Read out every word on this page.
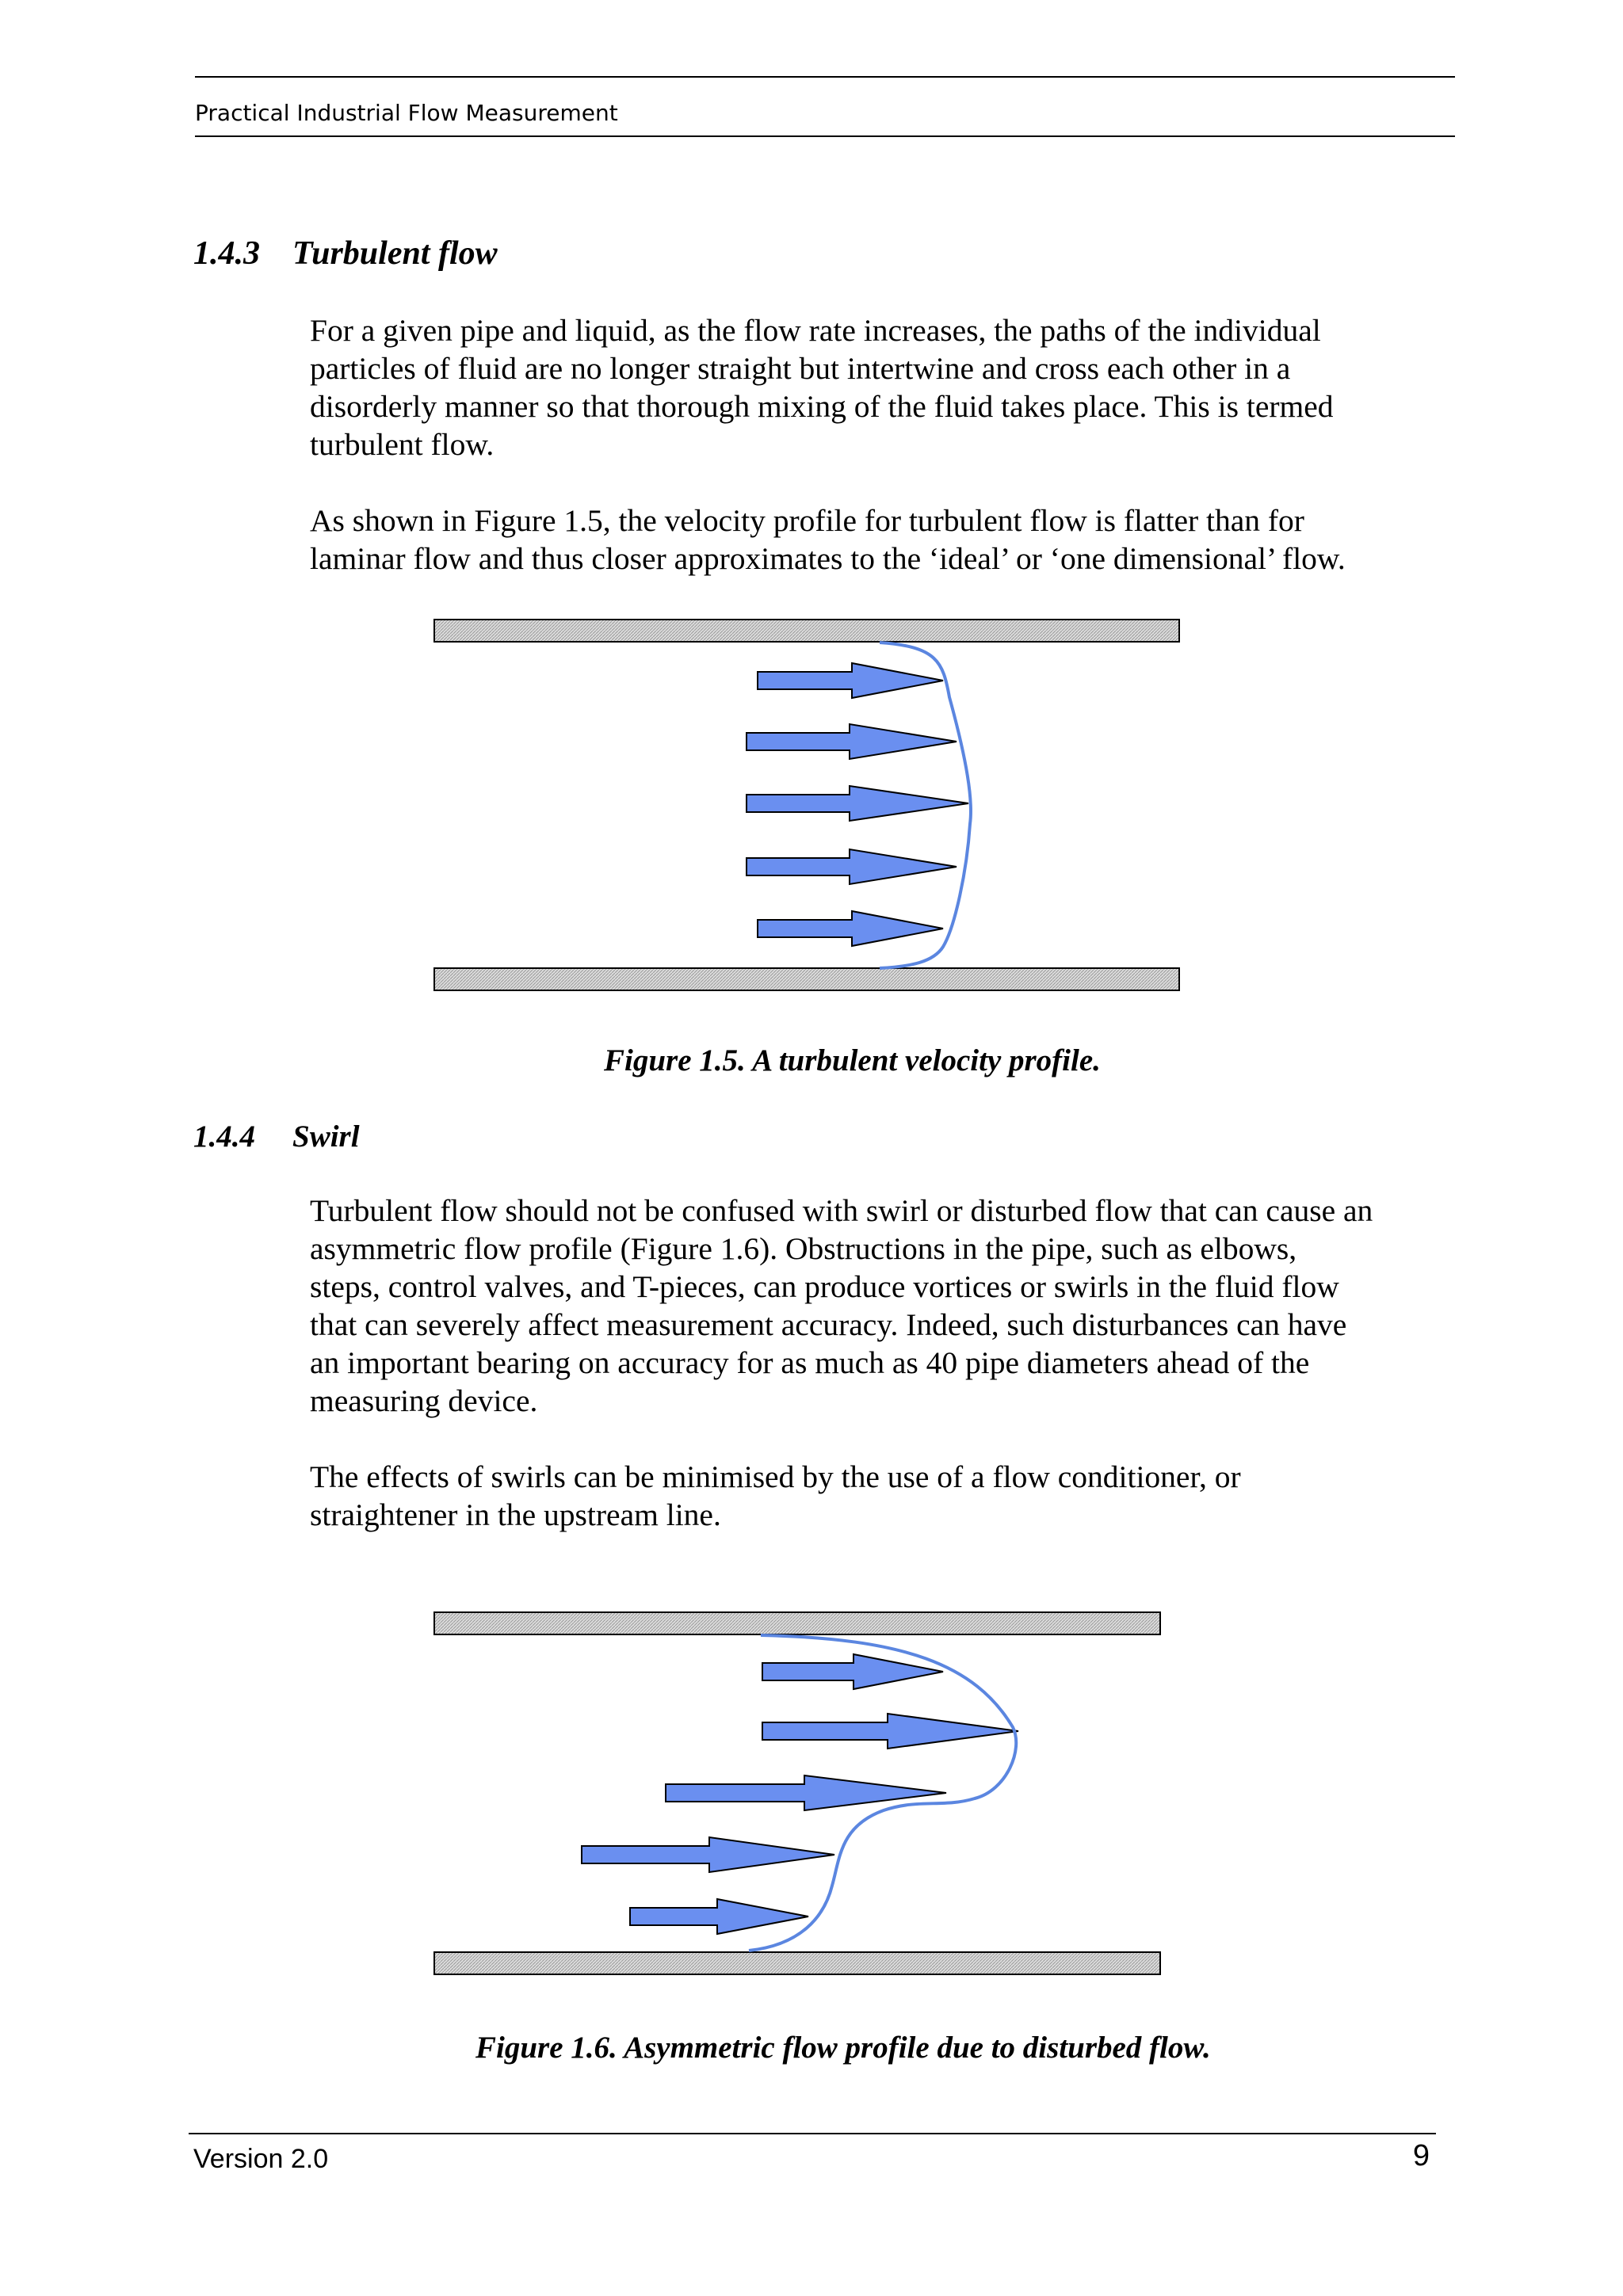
Practical Industrial Flow Measurement
1.4.3 Turbulent flow
For a given pipe and liquid, as the flow rate increases, the paths of the individual
particles of fluid are no longer straight but intertwine and cross each other in a
disorderly manner so that thorough mixing of the fluid takes place. This is termed
turbulent flow.
As shown in Figure 1.5, the velocity profile for turbulent flow is flatter than for
laminar flow and thus closer approximates to the ‘ideal’ or ‘one dimensional’ flow.
Figure 1.5. A turbulent velocity profile.
1.4.4 Swirl
Turbulent flow should not be confused with swirl or disturbed flow that can cause an
asymmetric flow profile (Figure 1.6). Obstructions in the pipe, such as elbows,
steps, control valves, and T-pieces, can produce vortices or swirls in the fluid flow
that can severely affect measurement accuracy. Indeed, such disturbances can have
an important bearing on accuracy for as much as 40 pipe diameters ahead of the
measuring device.
The effects of swirls can be minimised by the use of a flow conditioner, or
straightener in the upstream line.
Figure 1.6. Asymmetric flow profile due to disturbed flow.
Version 2.0	9
